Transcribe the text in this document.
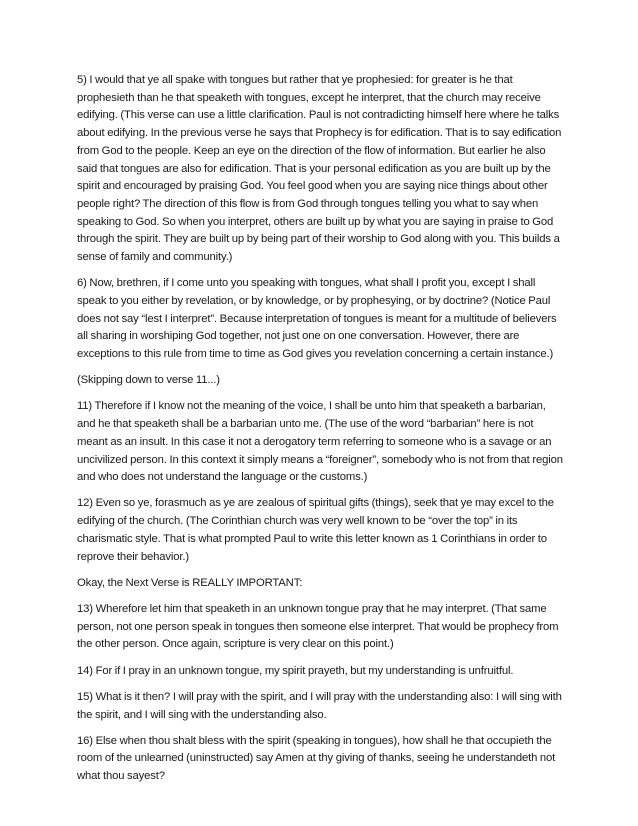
5) I would that ye all spake with tongues but rather that ye prophesied: for greater is he that prophesieth than he that speaketh with tongues, except he interpret, that the church may receive edifying. (This verse can use a little clarification. Paul is not contradicting himself here where he talks about edifying. In the previous verse he says that Prophecy is for edification. That is to say edification from God to the people. Keep an eye on the direction of the flow of information. But earlier he also said that tongues are also for edification. That is your personal edification as you are built up by the spirit and encouraged by praising God. You feel good when you are saying nice things about other people right? The direction of this flow is from God through tongues telling you what to say when speaking to God. So when you interpret, others are built up by what you are saying in praise to God through the spirit. They are built up by being part of their worship to God along with you. This builds a sense of family and community.)

6) Now, brethren, if I come unto you speaking with tongues, what shall I profit you, except I shall speak to you either by revelation, or by knowledge, or by prophesying, or by doctrine? (Notice Paul does not say “lest I interpret”. Because interpretation of tongues is meant for a multitude of believers all sharing in worshiping God together, not just one on one conversation. However, there are exceptions to this rule from time to time as God gives you revelation concerning a certain instance.)

(Skipping down to verse 11...)

11) Therefore if I know not the meaning of the voice, I shall be unto him that speaketh a barbarian, and he that speaketh shall be a barbarian unto me. (The use of the word “barbarian” here is not meant as an insult. In this case it not a derogatory term referring to someone who is a savage or an uncivilized person. In this context it simply means a “foreigner”, somebody who is not from that region and who does not understand the language or the customs.)

12) Even so ye, forasmuch as ye are zealous of spiritual gifts (things), seek that ye may excel to the edifying of the church. (The Corinthian church was very well known to be “over the top” in its charismatic style. That is what prompted Paul to write this letter known as 1 Corinthians in order to reprove their behavior.)

Okay, the Next Verse is REALLY IMPORTANT:

13) Wherefore let him that speaketh in an unknown tongue pray that he may interpret. (That same person, not one person speak in tongues then someone else interpret. That would be prophecy from the other person. Once again, scripture is very clear on this point.)

14) For if I pray in an unknown tongue, my spirit prayeth, but my understanding is unfruitful.

15) What is it then? I will pray with the spirit, and I will pray with the understanding also: I will sing with the spirit, and I will sing with the understanding also.

16) Else when thou shalt bless with the spirit (speaking in tongues), how shall he that occupieth the room of the unlearned (uninstructed) say Amen at thy giving of thanks, seeing he understandeth not what thou sayest?
